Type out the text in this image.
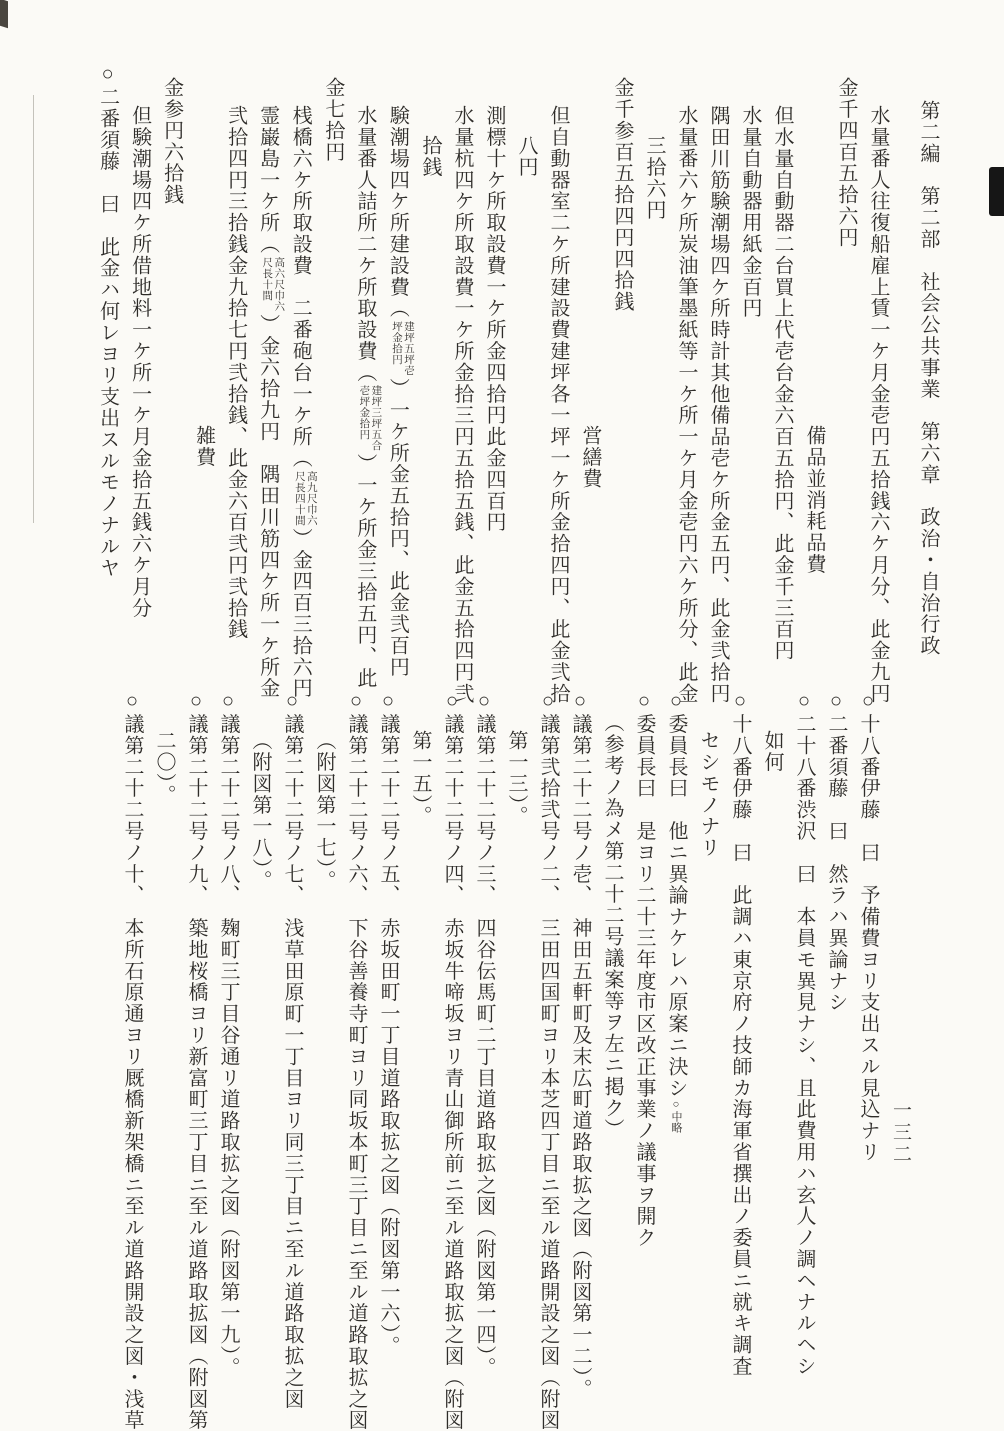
第二編　第二部　社会公共事業　第六章　政治・自治行政
水量番人往復船雇上賃一ケ月金壱円五拾銭六ケ月分、此金九円
金千四百五拾六円
備品並消耗品費
但水量自動器二台買上代壱台金六百五拾円、此金千三百円
水量自動器用紙金百円
隅田川筋験潮場四ケ所時計其他備品壱ケ所金五円、此金弐拾円
水量番六ケ所炭油筆墨紙等一ケ所一ケ月金壱円六ケ所分、此金
三拾六円
金千参百五拾四円四拾銭
営繕費
但自動器室二ケ所建設費建坪各一坪一ケ所金拾四円、此金弐拾
八円
測標十ケ所取設費一ケ所金四拾円此金四百円
水量杭四ケ所取設費一ケ所金拾三円五拾五銭、此金五拾四円弐
拾銭
験潮場四ケ所建設費（
建坪五坪壱
坪金拾円
）一ケ所金五拾円、此金弐百円
水量番人詰所二ケ所取設費（
建坪三坪五合
壱坪金拾円
）一ケ所金三拾五円、此
金七拾円
桟橋六ケ所取設費　二番砲台一ケ所（
高九尺巾六
尺長四十間
）金四百三拾六円
霊巌島一ケ所（
高六尺巾六
尺長十間
）金六拾九円　隅田川筋四ケ所一ケ所金
弐拾四円三拾銭金九拾七円弐拾銭、此金六百弐円弐拾銭
雑費
金参円六拾銭
但験潮場四ケ所借地料一ケ所一ケ月金拾五銭六ケ月分
○二番須藤　曰　此金ハ何レヨリ支出スルモノナルヤ
一三二
○十八番伊藤　曰　予備費ヨリ支出スル見込ナリ
○二番須藤　曰　然ラハ異論ナシ
○二十八番渋沢　曰　本員モ異見ナシ、且此費用ハ玄人ノ調ヘナルヘシ
如何
○十八番伊藤　曰　此調ハ東京府ノ技師カ海軍省撰出ノ委員ニ就キ調査
セシモノナリ
○委員長曰　他ニ異論ナケレハ原案ニ決シ○中略
○委員長曰　是ヨリ二十三年度市区改正事業ノ議事ヲ開ク
（参考ノ為メ第二十二号議案等ヲ左ニ掲ク）
○議第二十二号ノ壱、　神田五軒町及末広町道路取拡之図（附図第一二）。
○議第弐拾弐号ノ二、　三田四国町ヨリ本芝四丁目ニ至ル道路開設之図（附図
第一三）。
○議第二十二号ノ三、　四谷伝馬町二丁目道路取拡之図（附図第一四）。
○議第二十二号ノ四、　赤坂牛啼坂ヨリ青山御所前ニ至ル道路取拡之図（附図
第一五）。
○議第二十二号ノ五、　赤坂田町一丁目道路取拡之図（附図第一六）。
○議第二十二号ノ六、　下谷善養寺町ヨリ同坂本町三丁目ニ至ル道路取拡之図
（附図第一七）。
○議第二十二号ノ七、　浅草田原町一丁目ヨリ同三丁目ニ至ル道路取拡之図
（附図第一八）。
○議第二十二号ノ八、　麹町三丁目谷通リ道路取拡之図（附図第一九）。
○議第二十二号ノ九、　築地桜橋ヨリ新富町三丁目ニ至ル道路取拡図（附図第
二〇）。
○議第二十二号ノ十、　本所石原通ヨリ厩橋新架橋ニ至ル道路開設之図・浅草
